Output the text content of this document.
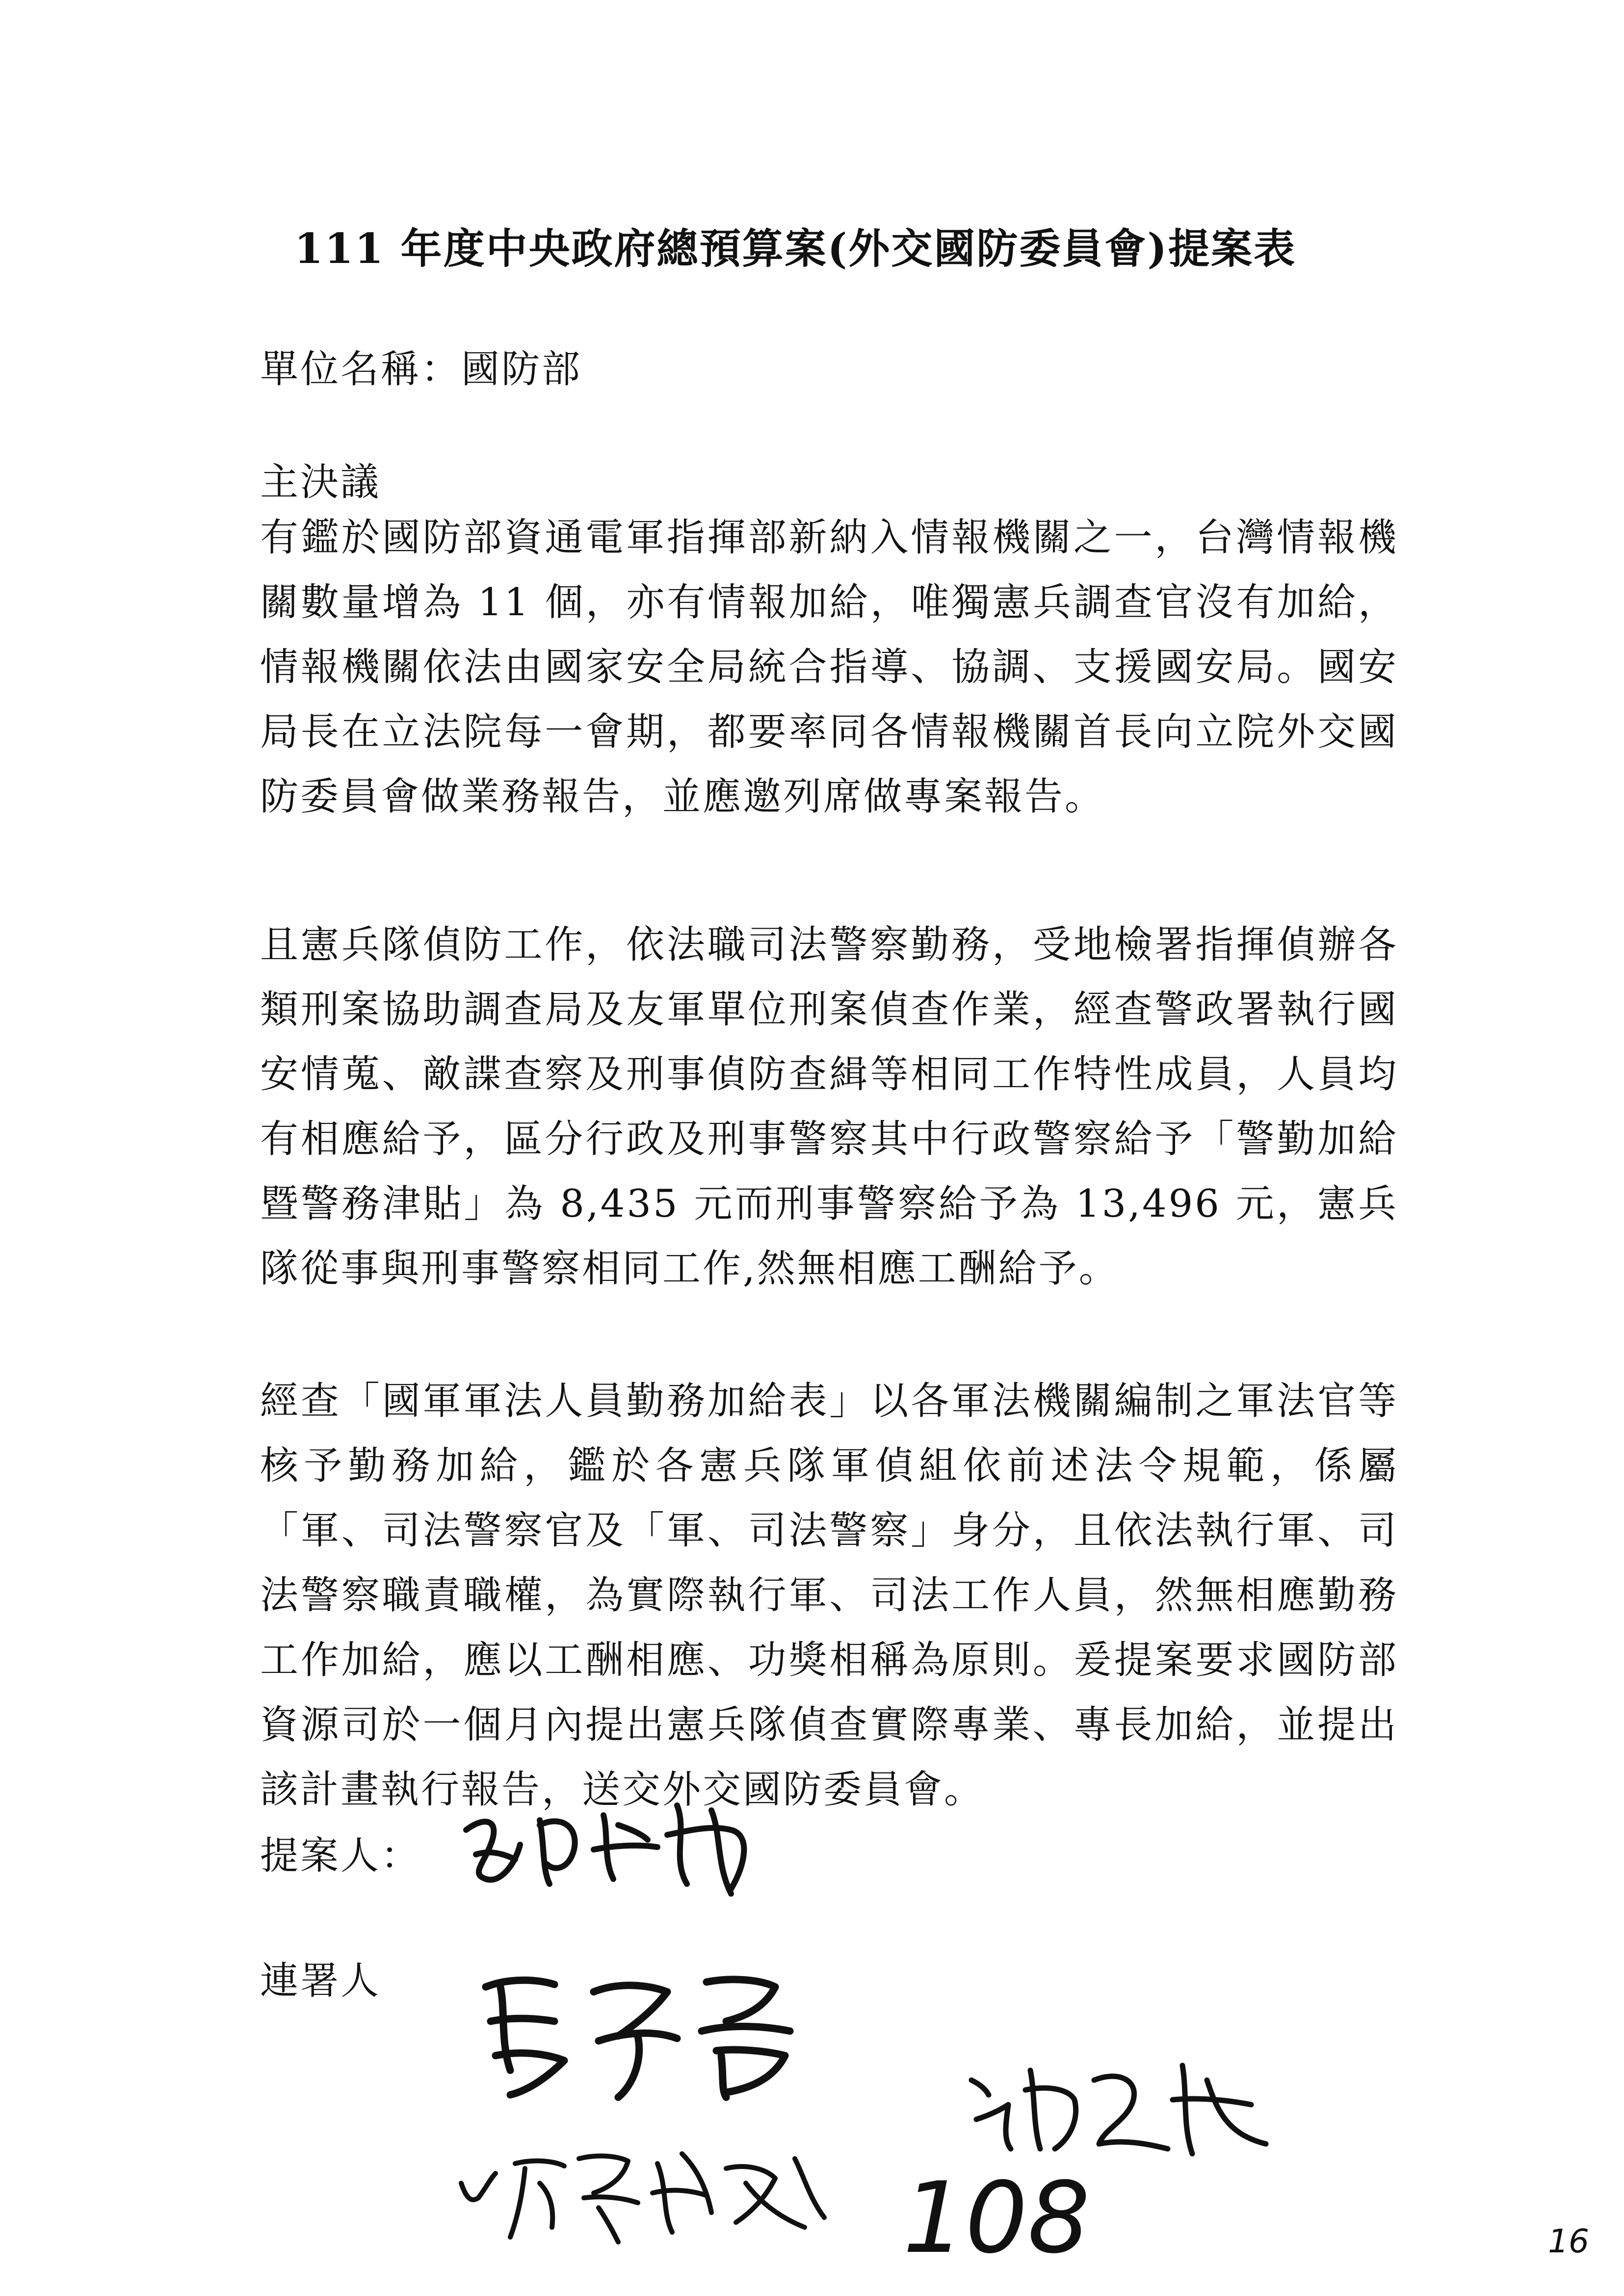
111 年度中央政府總預算案(外交國防委員會)提案表
單位名稱：國防部
主決議
有鑑於國防部資通電軍指揮部新納入情報機關之一，台灣情報機關數量增為 11 個，亦有情報加給，唯獨憲兵調查官沒有加給，情報機關依法由國家安全局統合指導、協調、支援國安局。國安局長在立法院每一會期，都要率同各情報機關首長向立院外交國防委員會做業務報告，並應邀列席做專案報告。
且憲兵隊偵防工作，依法職司法警察勤務，受地檢署指揮偵辦各類刑案協助調查局及友軍單位刑案偵查作業，經查警政署執行國安情蒐、敵諜查察及刑事偵防查緝等相同工作特性成員，人員均有相應給予，區分行政及刑事警察其中行政警察給予「警勤加給暨警務津貼」為 8,435 元而刑事警察給予為 13,496 元，憲兵隊從事與刑事警察相同工作,然無相應工酬給予。
經查「國軍軍法人員勤務加給表」以各軍法機關編制之軍法官等核予勤務加給，鑑於各憲兵隊軍偵組依前述法令規範，係屬「軍、司法警察官及「軍、司法警察」身分，且依法執行軍、司法警察職責職權，為實際執行軍、司法工作人員，然無相應勤務工作加給，應以工酬相應、功獎相稱為原則。爰提案要求國防部資源司於一個月內提出憲兵隊偵查實際專業、專長加給，並提出該計畫執行報告，送交外交國防委員會。
提案人：
連署人
108	16
